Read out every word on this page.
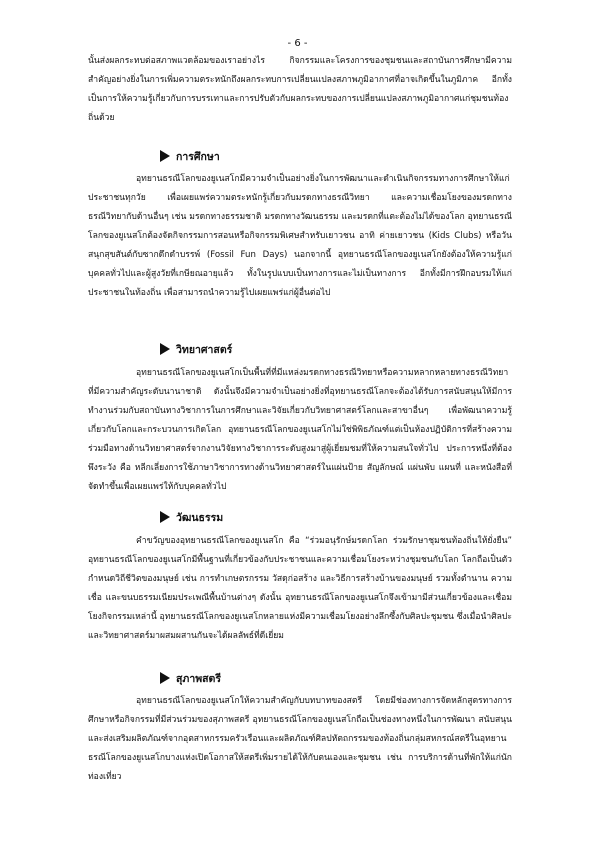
- 6 -

นั้นส่งผลกระทบต่อสภาพแวดล้อมของเราอย่างไร กิจกรรมและโครงการของชุมชนและสถาบันการศึกษามีความสำคัญอย่างยิ่งในการเพิ่มความตระหนักถึงผลกระทบการเปลี่ยนแปลงสภาพภูมิอากาศที่อาจเกิดขึ้นในภูมิภาค อีกทั้งเป็นการให้ความรู้เกี่ยวกับการบรรเทาและการปรับตัวกับผลกระทบของการเปลี่ยนแปลงสภาพภูมิอากาศแก่ชุมชนท้องถิ่นด้วย

การศึกษา

อุทยานธรณีโลกของยูเนสโกมีความจำเป็นอย่างยิ่งในการพัฒนาและดำเนินกิจกรรมทางการศึกษาให้แก่ประชาชนทุกวัย เพื่อเผยแพร่ความตระหนักรู้เกี่ยวกับมรดกทางธรณีวิทยา และความเชื่อมโยงของมรดกทางธรณีวิทยากับด้านอื่นๆ เช่น มรดกทางธรรมชาติ มรดกทางวัฒนธรรม และมรดกที่แตะต้องไม่ได้ของโลก อุทยานธรณีโลกของยูเนสโกต้องจัดกิจกรรมการสอนหรือกิจกรรมพิเศษสำหรับเยาวชน อาทิ ค่ายเยาวชน (Kids Clubs) หรือวันสนุกสุขสันต์กับซากดึกดำบรรพ์ (Fossil Fun Days) นอกจากนี้ อุทยานธรณีโลกของยูเนสโกยังต้องให้ความรู้แก่บุคคลทั่วไปและผู้สูงวัยที่เกษียณอายุแล้ว ทั้งในรูปแบบเป็นทางการและไม่เป็นทางการ อีกทั้งมีการฝึกอบรมให้แก่ประชาชนในท้องถิ่น เพื่อสามารถนำความรู้ไปเผยแพร่แก่ผู้อื่นต่อไป

วิทยาศาสตร์

อุทยานธรณีโลกของยูเนสโกเป็นพื้นที่ที่มีแหล่งมรดกทางธรณีวิทยาหรือความหลากหลายทางธรณีวิทยาที่มีความสำคัญระดับนานาชาติ ดังนั้นจึงมีความจำเป็นอย่างยิ่งที่อุทยานธรณีโลกจะต้องได้รับการสนับสนุนให้มีการทำงานร่วมกับสถาบันทางวิชาการในการศึกษาและวิจัยเกี่ยวกับวิทยาศาสตร์โลกและสาขาอื่นๆ เพื่อพัฒนาความรู้เกี่ยวกับโลกและกระบวนการเกิดโลก อุทยานธรณีโลกของยูเนสโกไม่ใช่พิพิธภัณฑ์แต่เป็นห้องปฏิบัติการที่สร้างความร่วมมือทางด้านวิทยาศาสตร์จากงานวิจัยทางวิชาการระดับสูงมาสู่ผู้เยี่ยมชมที่ให้ความสนใจทั่วไป ประการหนึ่งที่ต้องพึงระวัง คือ หลีกเลี่ยงการใช้ภาษาวิชาการทางด้านวิทยาศาสตร์ในแผ่นป้าย สัญลักษณ์ แผ่นพับ แผนที่ และหนังสือที่จัดทำขึ้นเพื่อเผยแพร่ให้กับบุคคลทั่วไป

วัฒนธรรม

คำขวัญของอุทยานธรณีโลกของยูเนสโก คือ “ร่วมอนุรักษ์มรดกโลก ร่วมรักษาชุมชนท้องถิ่นให้ยั่งยืน” อุทยานธรณีโลกของยูเนสโกมีพื้นฐานที่เกี่ยวข้องกับประชาชนและความเชื่อมโยงระหว่างชุมชนกับโลก โลกถือเป็นตัวกำหนดวิถีชีวิตของมนุษย์ เช่น การทำเกษตรกรรม วัสดุก่อสร้าง และวิธีการสร้างบ้านของมนุษย์ รวมทั้งตำนาน ความเชื่อ และขนบธรรมเนียมประเพณีพื้นบ้านต่างๆ ดังนั้น อุทยานธรณีโลกของยูเนสโกจึงเข้ามามีส่วนเกี่ยวข้องและเชื่อมโยงกิจกรรมเหล่านี้ อุทยานธรณีโลกของยูเนสโกหลายแห่งมีความเชื่อมโยงอย่างลึกซึ้งกับศิลปะชุมชน ซึ่งเมื่อนำศิลปะและวิทยาศาสตร์มาผสมผสานกันจะได้ผลลัพธ์ที่ดีเยี่ยม

สุภาพสตรี

อุทยานธรณีโลกของยูเนสโกให้ความสำคัญกับบทบาทของสตรี โดยมีช่องทางการจัดหลักสูตรทางการศึกษาหรือกิจกรรมที่มีส่วนร่วมของสุภาพสตรี อุทยานธรณีโลกของยูเนสโกถือเป็นช่องทางหนึ่งในการพัฒนา สนับสนุน และส่งเสริมผลิตภัณฑ์จากอุตสาหกรรมครัวเรือนและผลิตภัณฑ์ศิลปหัตถกรรมของท้องถิ่นกลุ่มสหกรณ์สตรีในอุทยานธรณีโลกของยูเนสโกบางแห่งเปิดโอกาสให้สตรีเพิ่มรายได้ให้กับตนเองและชุมชน เช่น การบริการด้านที่พักให้แก่นักท่องเที่ยว
